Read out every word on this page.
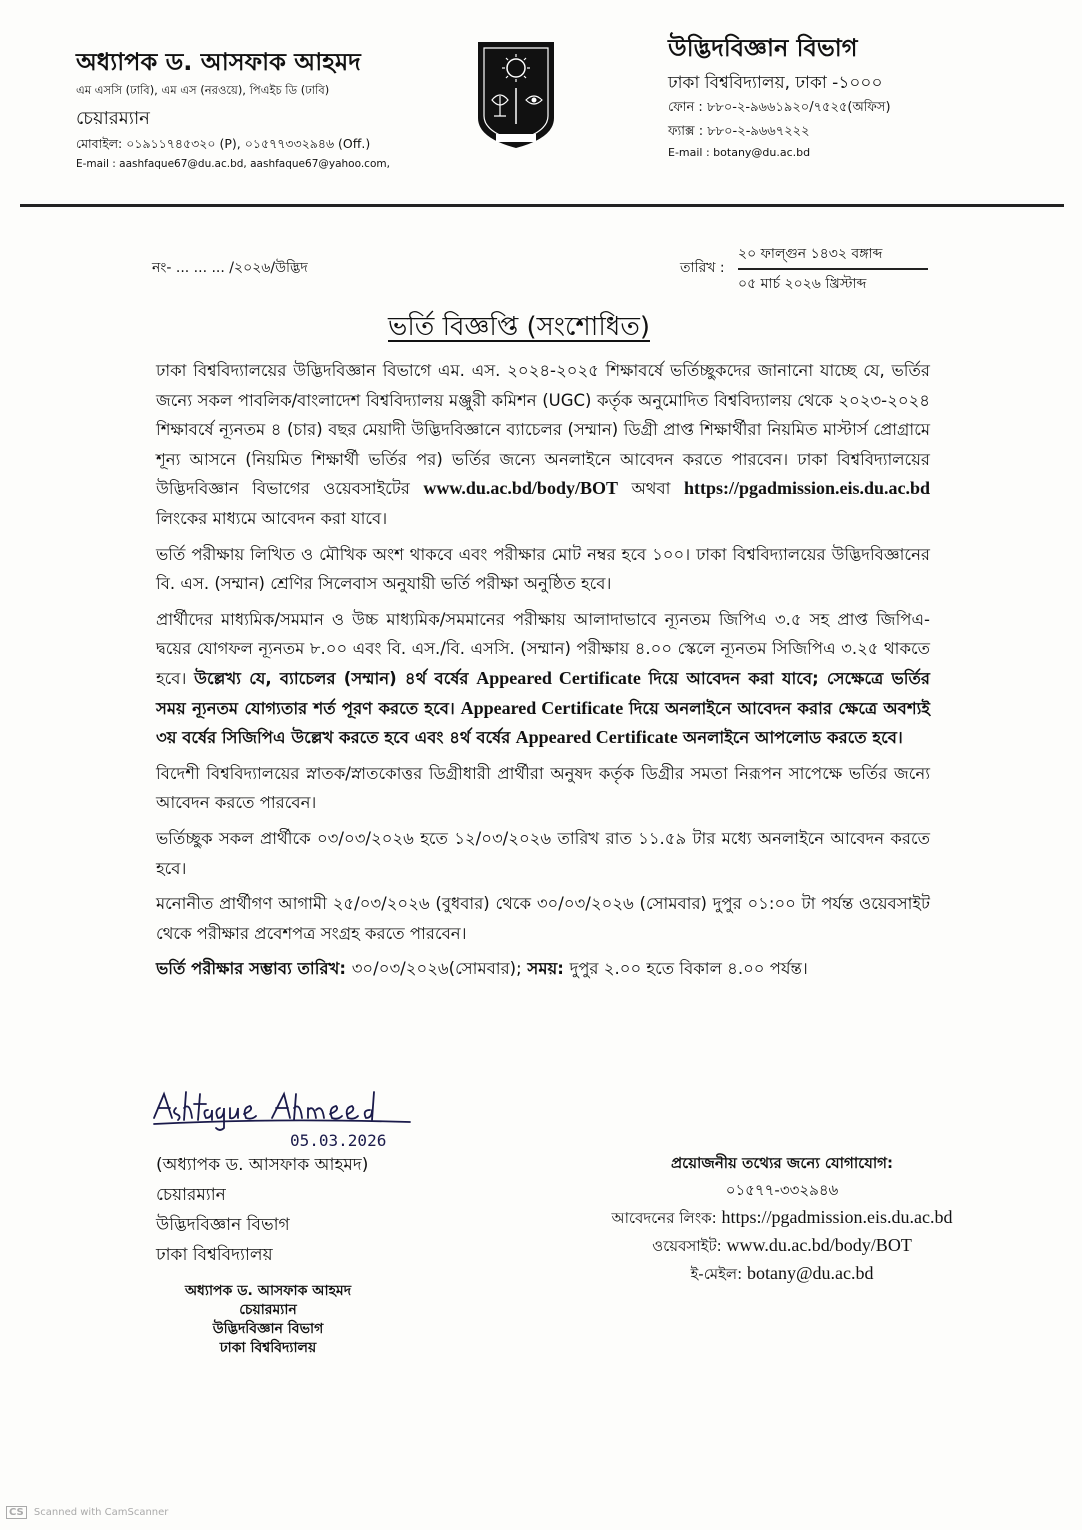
অধ্যাপক ড. আসফাক আহমদ
এম এসসি (ঢাবি), এম এস (নরওয়ে), পিএইচ ডি (ঢাবি)
চেয়ারম্যান
মোবাইল: ০১৯১১৭৪৫৩২০ (P), ০১৫৭৭৩৩২৯৪৬ (Off.)
E-mail : aashfaque67@du.ac.bd, aashfaque67@yahoo.com,
উদ্ভিদবিজ্ঞান বিভাগ
ঢাকা বিশ্ববিদ্যালয়, ঢাকা -১০০০
ফোন : ৮৮০-২-৯৬৬১৯২০/৭৫২৫(অফিস)
ফ্যাক্স : ৮৮০-২-৯৬৬৭২২২
E-mail : botany@du.ac.bd
নং- ... ... ... /২০২৬/উদ্ভিদ	তারিখ :
২০ ফাল্গুন ১৪৩২ বঙ্গাব্দ
০৫ মার্চ ২০২৬ খ্রিস্টাব্দ
ভর্তি বিজ্ঞপ্তি (সংশোধিত)

ঢাকা বিশ্ববিদ্যালয়ের উদ্ভিদবিজ্ঞান বিভাগে এম. এস. ২০২৪-২০২৫ শিক্ষাবর্ষে ভর্তিচ্ছুকদের জানানো যাচ্ছে যে, ভর্তির জন্যে সকল পাবলিক/বাংলাদেশ বিশ্ববিদ্যালয় মঞ্জুরী কমিশন (UGC) কর্তৃক অনুমোদিত বিশ্ববিদ্যালয় থেকে ২০২৩-২০২৪ শিক্ষাবর্ষে ন্যূনতম ৪ (চার) বছর মেয়াদী উদ্ভিদবিজ্ঞানে ব্যাচেলর (সম্মান) ডিগ্রী প্রাপ্ত শিক্ষার্থীরা নিয়মিত মাস্টার্স প্রোগ্রামে শূন্য আসনে (নিয়মিত শিক্ষার্থী ভর্তির পর) ভর্তির জন্যে অনলাইনে আবেদন করতে পারবেন। ঢাকা বিশ্ববিদ্যালয়ের উদ্ভিদবিজ্ঞান বিভাগের ওয়েবসাইটের www.du.ac.bd/body/BOT অথবা https://pgadmission.eis.du.ac.bd লিংকের মাধ্যমে আবেদন করা যাবে।

ভর্তি পরীক্ষায় লিখিত ও মৌখিক অংশ থাকবে এবং পরীক্ষার মোট নম্বর হবে ১০০। ঢাকা বিশ্ববিদ্যালয়ের উদ্ভিদবিজ্ঞানের বি. এস. (সম্মান) শ্রেণির সিলেবাস অনুযায়ী ভর্তি পরীক্ষা অনুষ্ঠিত হবে।

প্রার্থীদের মাধ্যমিক/সমমান ও উচ্চ মাধ্যমিক/সমমানের পরীক্ষায় আলাদাভাবে ন্যূনতম জিপিএ ৩.৫ সহ প্রাপ্ত জিপিএ-দ্বয়ের যোগফল ন্যূনতম ৮.০০ এবং বি. এস./বি. এসসি. (সম্মান) পরীক্ষায় ৪.০০ স্কেলে ন্যূনতম সিজিপিএ ৩.২৫ থাকতে হবে। উল্লেখ্য যে, ব্যাচেলর (সম্মান) ৪র্থ বর্ষের Appeared Certificate দিয়ে আবেদন করা যাবে; সেক্ষেত্রে ভর্তির সময় ন্যূনতম যোগ্যতার শর্ত পূরণ করতে হবে। Appeared Certificate দিয়ে অনলাইনে আবেদন করার ক্ষেত্রে অবশ্যই ৩য় বর্ষের সিজিপিএ উল্লেখ করতে হবে এবং ৪র্থ বর্ষের Appeared Certificate অনলাইনে আপলোড করতে হবে।

বিদেশী বিশ্ববিদ্যালয়ের স্নাতক/স্নাতকোত্তর ডিগ্রীধারী প্রার্থীরা অনুষদ কর্তৃক ডিগ্রীর সমতা নিরূপন সাপেক্ষে ভর্তির জন্যে আবেদন করতে পারবেন।

ভর্তিচ্ছুক সকল প্রার্থীকে ০৩/০৩/২০২৬ হতে ১২/০৩/২০২৬ তারিখ রাত ১১.৫৯ টার মধ্যে অনলাইনে আবেদন করতে হবে।

মনোনীত প্রার্থীগণ আগামী ২৫/০৩/২০২৬ (বুধবার) থেকে ৩০/০৩/২০২৬ (সোমবার) দুপুর ০১:০০ টা পর্যন্ত ওয়েবসাইট থেকে পরীক্ষার প্রবেশপত্র সংগ্রহ করতে পারবেন।

ভর্তি পরীক্ষার সম্ভাব্য তারিখ: ৩০/০৩/২০২৬(সোমবার); সময়: দুপুর ২.০০ হতে বিকাল ৪.০০ পর্যন্ত।

05.03.2026
(অধ্যাপক ড. আসফাক আহমদ)
চেয়ারম্যান
উদ্ভিদবিজ্ঞান বিভাগ
ঢাকা বিশ্ববিদ্যালয়
অধ্যাপক ড. আসফাক আহমদ
চেয়ারম্যান
উদ্ভিদবিজ্ঞান বিভাগ
ঢাকা বিশ্ববিদ্যালয়
প্রয়োজনীয় তথ্যের জন্যে যোগাযোগ:
০১৫৭৭-৩৩২৯৪৬
আবেদনের লিংক: https://pgadmission.eis.du.ac.bd
ওয়েবসাইট: www.du.ac.bd/body/BOT
ই-মেইল: botany@du.ac.bd
CS Scanned with CamScanner
